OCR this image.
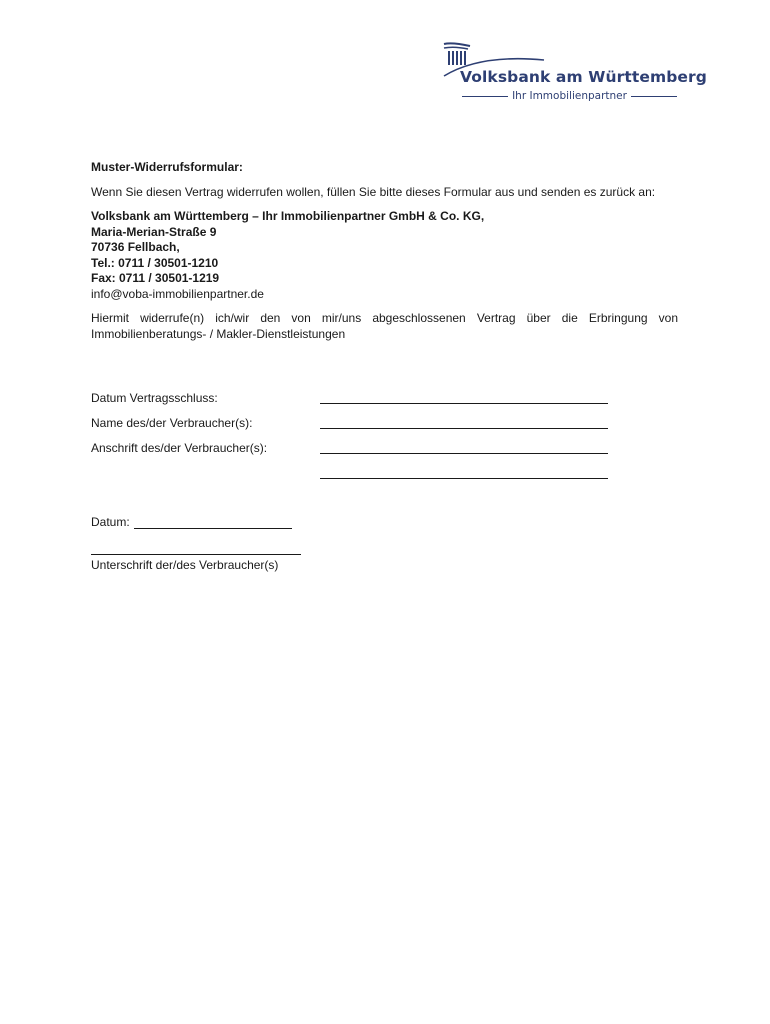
Volksbank am Württemberg
Ihr Immobilienpartner

Muster-Widerrufsformular:

Wenn Sie diesen Vertrag widerrufen wollen, füllen Sie bitte dieses Formular aus und senden es zurück an:

Volksbank am Württemberg – Ihr Immobilienpartner GmbH & Co. KG,
Maria-Merian-Straße 9
70736 Fellbach,
Tel.: 0711 / 30501-1210
Fax: 0711 / 30501-1219
info@voba-immobilienpartner.de

Hiermit widerrufe(n) ich/wir den von mir/uns abgeschlossenen Vertrag über die Erbringung von Immobilienberatungs- / Makler-Dienstleistungen

Datum Vertragsschluss:
Name des/der Verbraucher(s):
Anschrift des/der Verbraucher(s):
Datum:
Unterschrift der/des Verbraucher(s)
